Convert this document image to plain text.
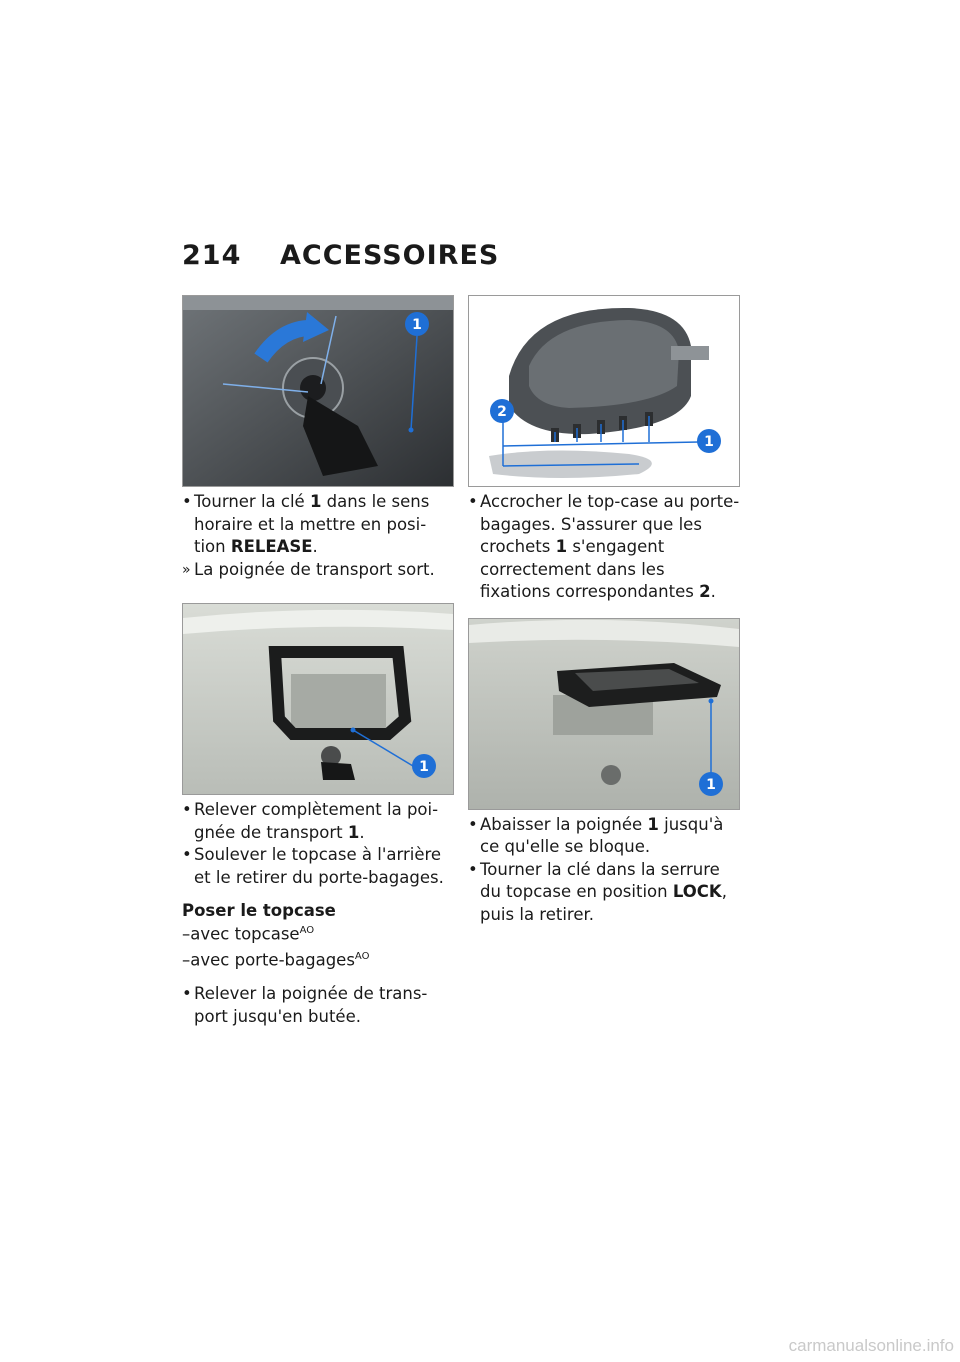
214 ACCESSOIRES
1
• Tourner la clé 1 dans le sens horaire et la mettre en posi-tion RELEASE.
» La poignée de transport sort.
1
• Relever complètement la poi-gnée de transport 1.
• Soulever le topcase à l'arrière et le retirer du porte-bagages.
Poser le topcase
–avec topcase$^{AO}$
–avec porte-bagages$^{AO}$
• Relever la poignée de trans-port jusqu'en butée.
2
1
• Accrocher le top-case au porte-bagages. S'assurer que les crochets 1 s'engagent correctement dans les fixations correspondantes 2.
1
• Abaisser la poignée 1 jusqu'à ce qu'elle se bloque.
• Tourner la clé dans la serrure du topcase en position LOCK, puis la retirer.
carmanualsonline.info
